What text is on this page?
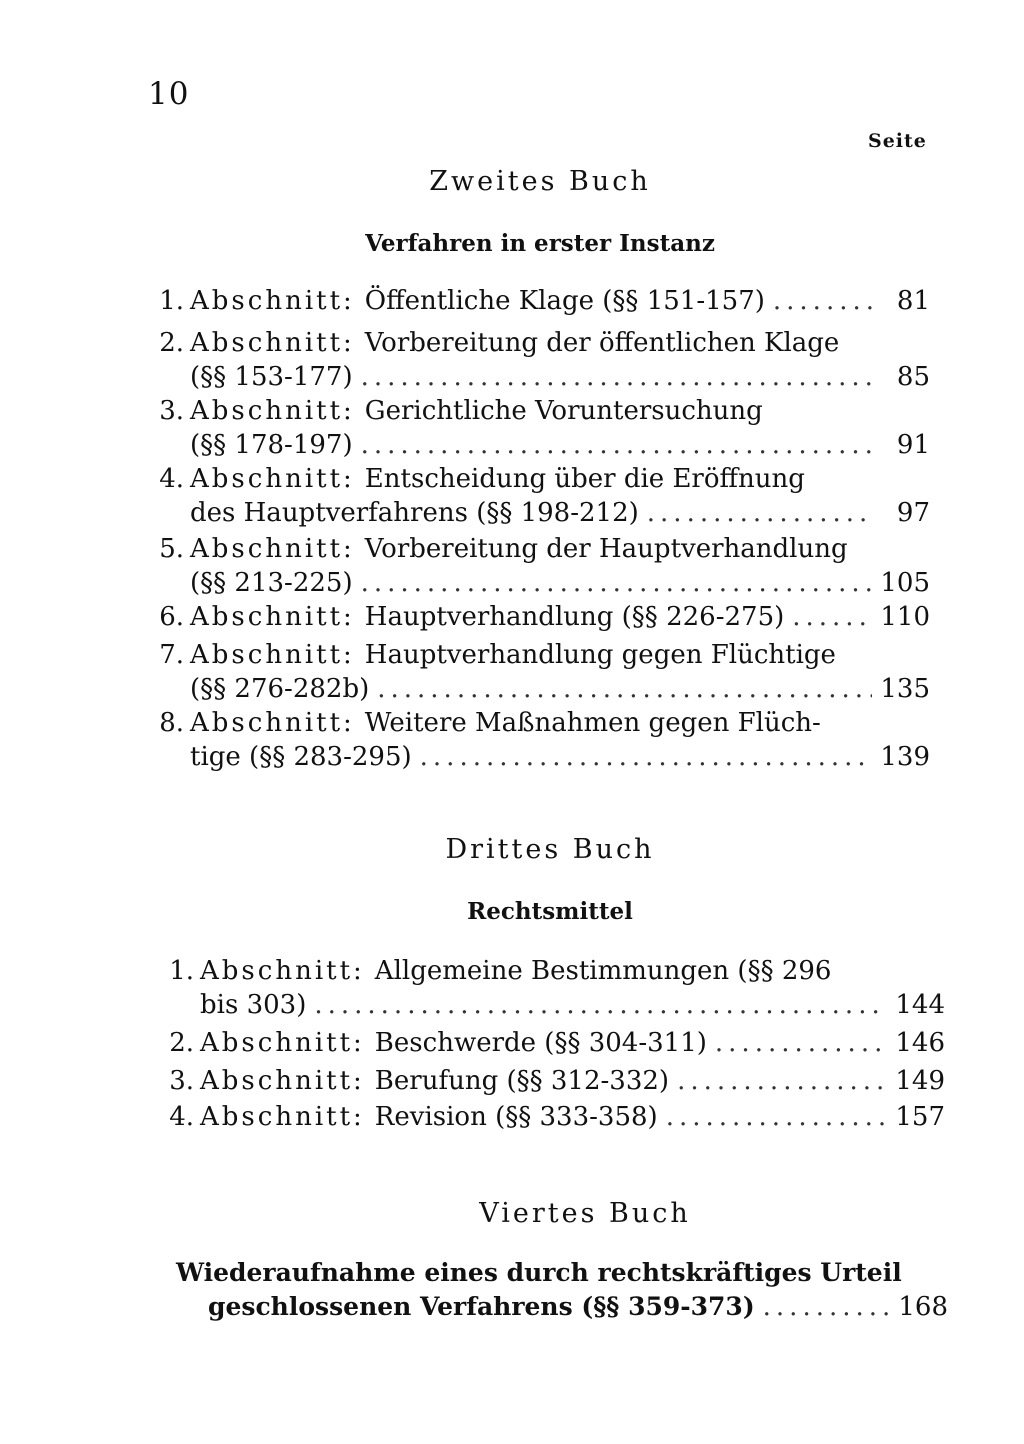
10
Seite
Zweites Buch
Verfahren in erster Instanz
1. Abschnitt: Öffentliche Klage (§§ 151-157) .....	81
2. Abschnitt: Vorbereitung der öffentlichen Klage
(§§ 153-177) .....	85
3. Abschnitt: Gerichtliche Voruntersuchung
(§§ 178-197) .....	91
4. Abschnitt: Entscheidung über die Eröffnung
des Hauptverfahrens (§§ 198-212) .....	97
5. Abschnitt: Vorbereitung der Hauptverhandlung
(§§ 213-225) .....	105
6. Abschnitt: Hauptverhandlung (§§ 226-275) .....	110
7. Abschnitt: Hauptverhandlung gegen Flüchtige
(§§ 276-282b) .....	135
8. Abschnitt: Weitere Maßnahmen gegen Flüch-
tige (§§ 283-295) .....	139
Drittes Buch
Rechtsmittel
1. Abschnitt: Allgemeine Bestimmungen (§§ 296
bis 303) .....	144
2. Abschnitt: Beschwerde (§§ 304-311) .....	146
3. Abschnitt: Berufung (§§ 312-332) .....	149
4. Abschnitt: Revision (§§ 333-358) .....	157
Viertes Buch
Wiederaufnahme eines durch rechtskräftiges Urteil
geschlossenen Verfahrens (§§ 359-373) .....	168
